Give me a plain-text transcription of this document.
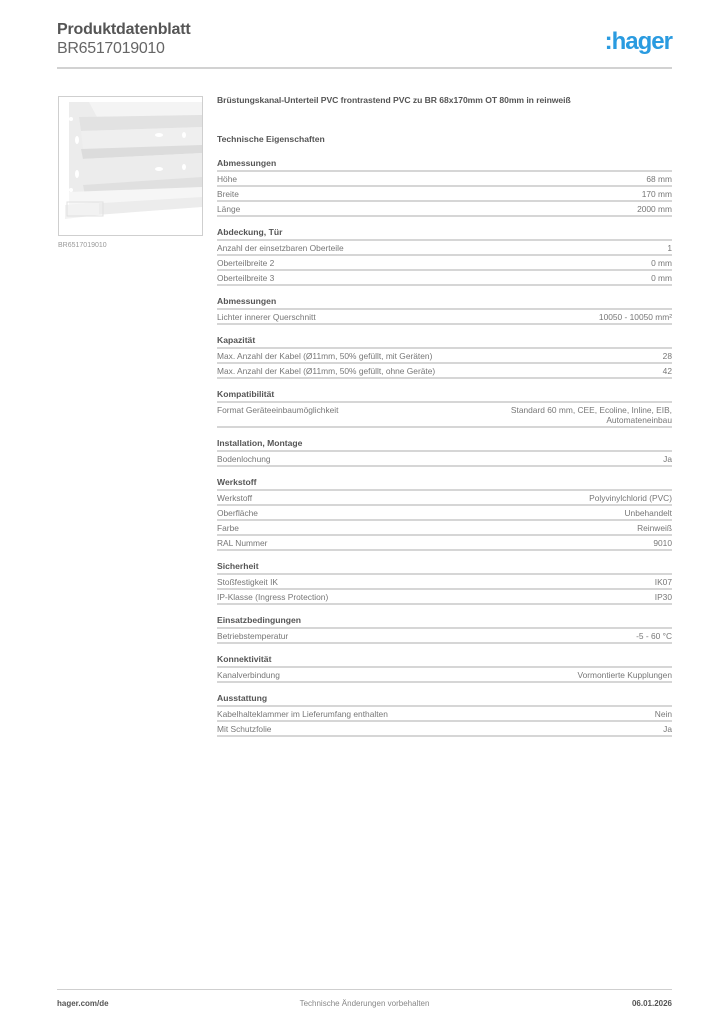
Produktdatenblatt
BR6517019010	:hager
BR6517019010
Brüstungskanal-Unterteil PVC frontrastend PVC zu BR 68x170mm OT 80mm in reinweiß
Technische Eigenschaften
Abmessungen
Höhe	68 mm
Breite	170 mm
Länge	2000 mm
Abdeckung, Tür
Anzahl der einsetzbaren Oberteile	1
Oberteilbreite 2	0 mm
Oberteilbreite 3	0 mm
Abmessungen
Lichter innerer Querschnitt	10050 - 10050 mm²
Kapazität
Max. Anzahl der Kabel (Ø11mm, 50% gefüllt, mit Geräten)	28
Max. Anzahl der Kabel (Ø11mm, 50% gefüllt, ohne Geräte)	42
Kompatibilität
Format Geräteeinbaumöglichkeit	Standard 60 mm, CEE, Ecoline, Inline, EIB, Automateneinbau
Installation, Montage
Bodenlochung	Ja
Werkstoff
Werkstoff	Polyvinylchlorid (PVC)
Oberfläche	Unbehandelt
Farbe	Reinweiß
RAL Nummer	9010
Sicherheit
Stoßfestigkeit IK	IK07
IP-Klasse (Ingress Protection)	IP30
Einsatzbedingungen
Betriebstemperatur	-5 - 60 °C
Konnektivität
Kanalverbindung	Vormontierte Kupplungen
Ausstattung
Kabelhalteklammer im Lieferumfang enthalten	Nein
Mit Schutzfolie	Ja
hager.com/de	Technische Änderungen vorbehalten	06.01.2026
